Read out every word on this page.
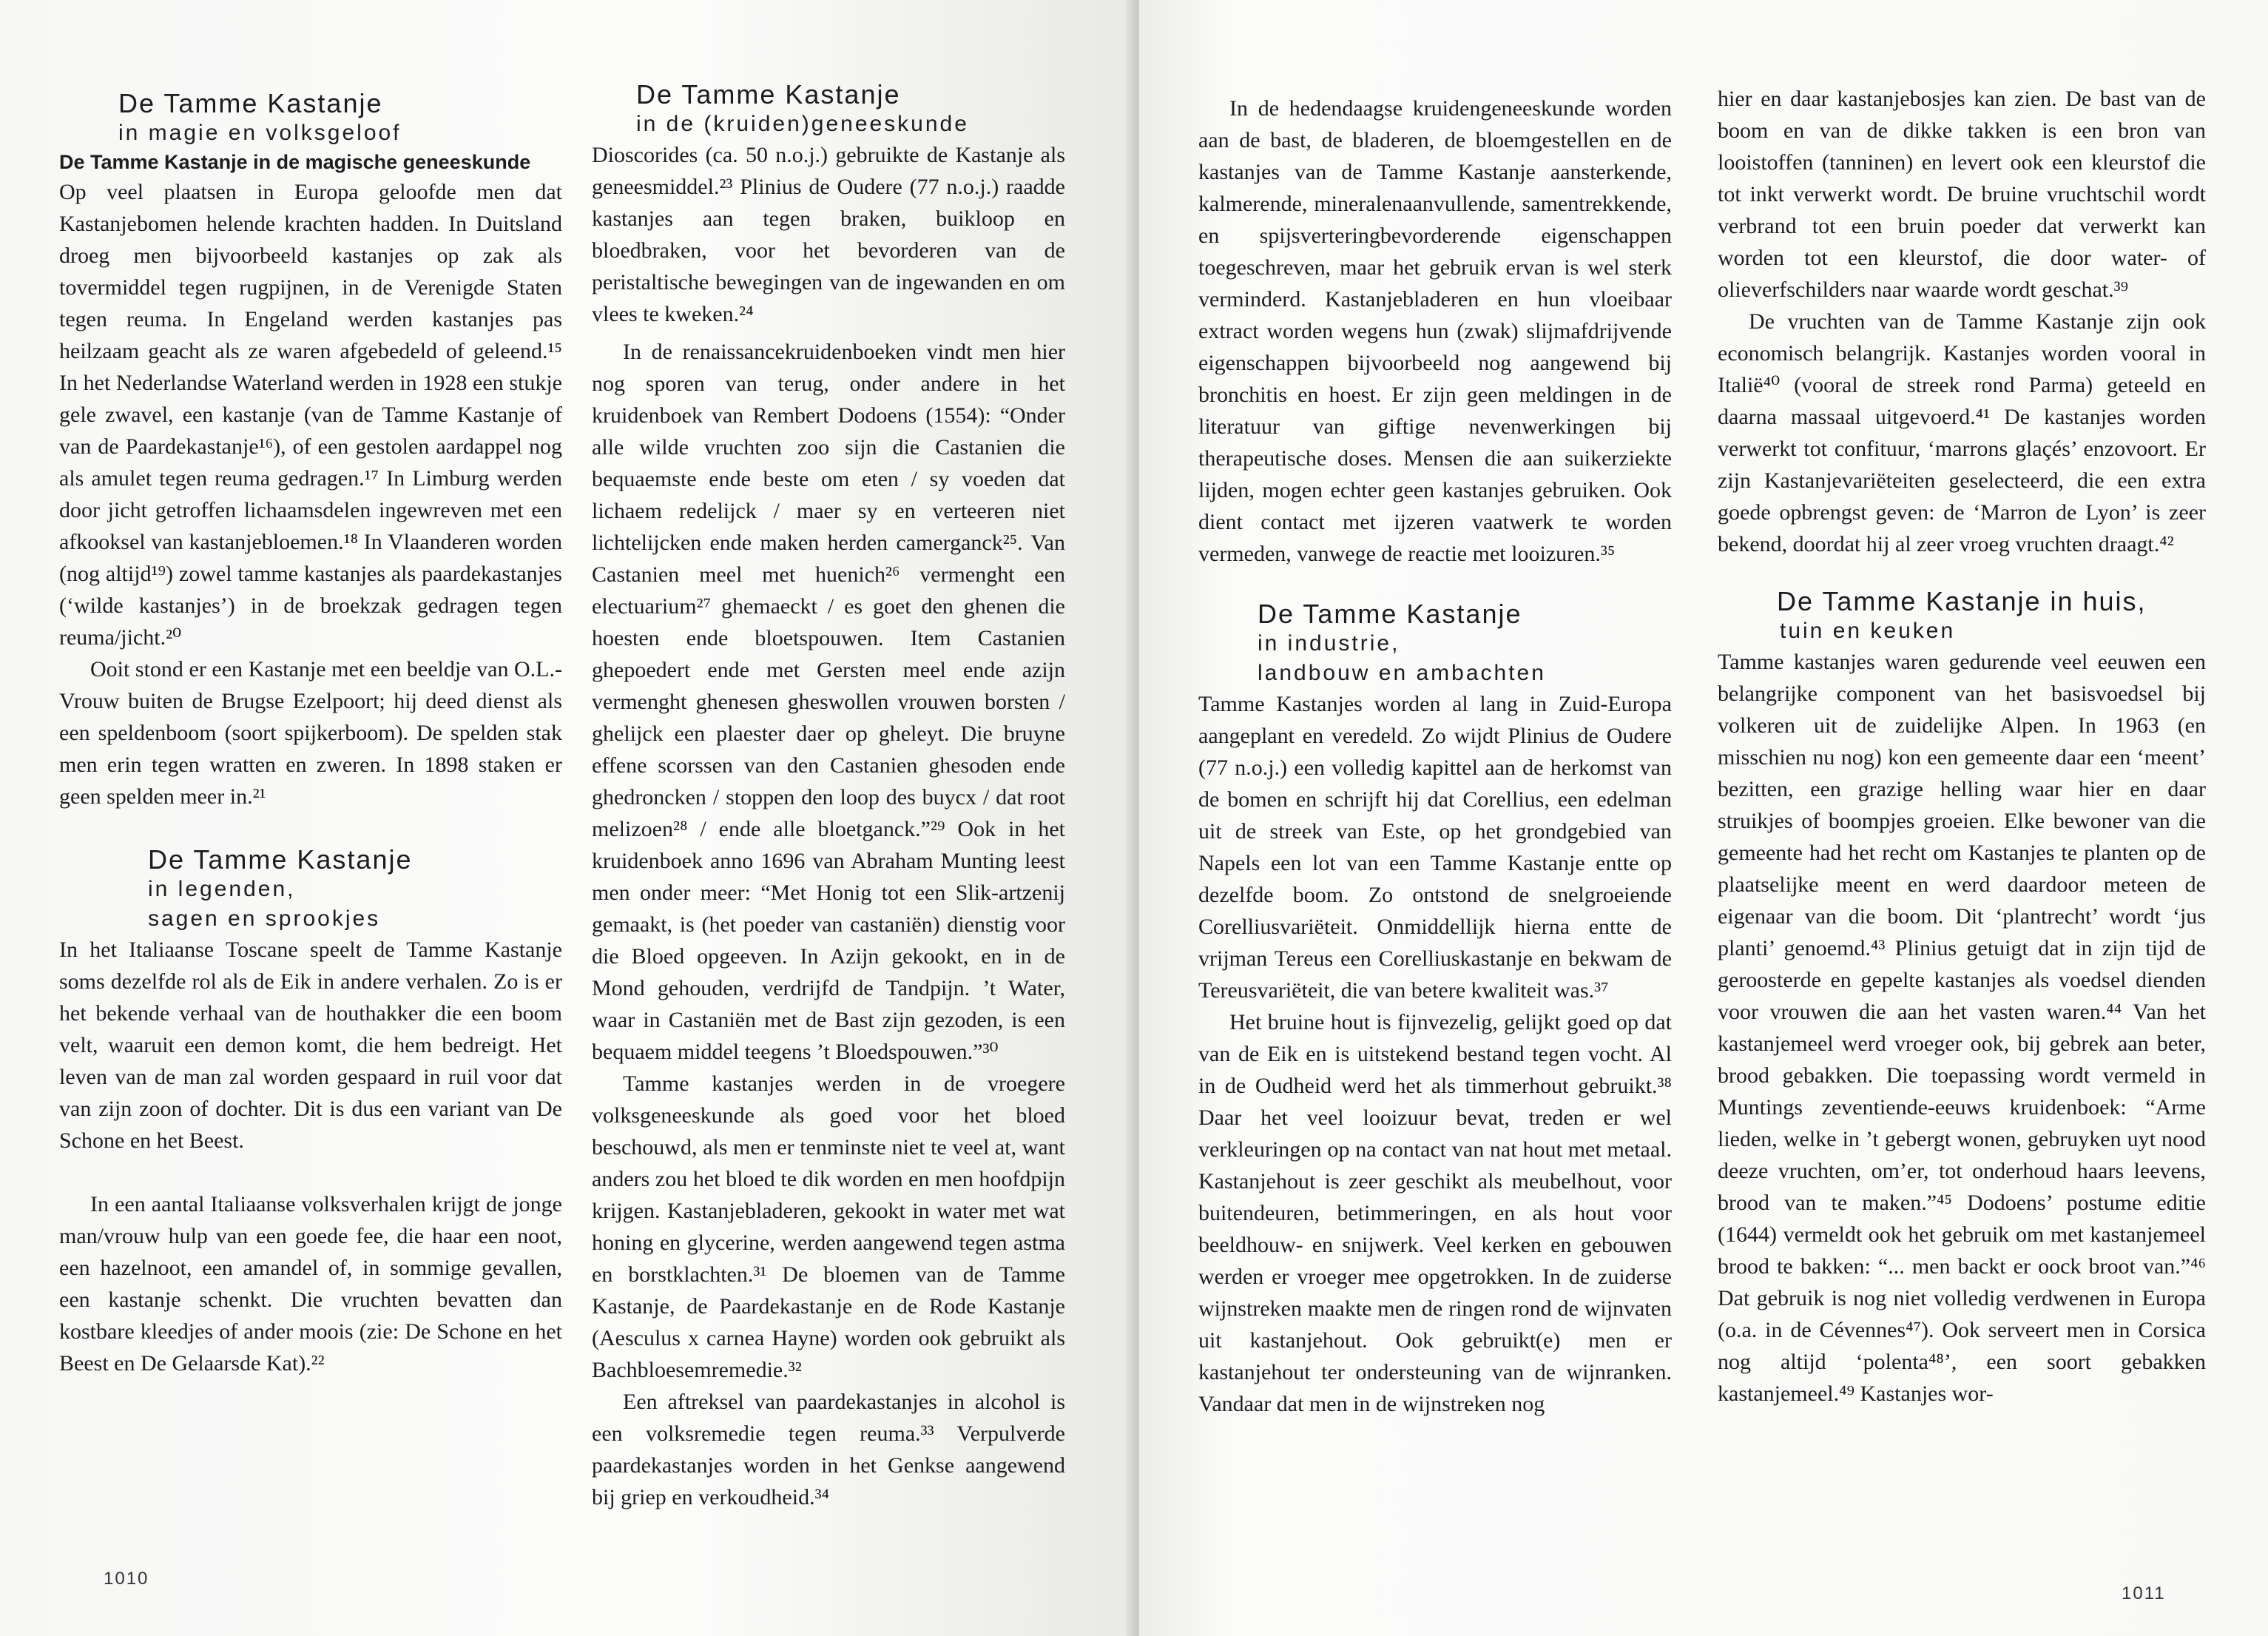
De Tamme Kastanje
in magie en volksgeloof
De Tamme Kastanje in de magische geneeskunde

Op veel plaatsen in Europa geloofde men dat Kastanjebomen helende krachten hadden. In Duitsland droeg men bijvoorbeeld kastanjes op zak als tovermiddel tegen rugpijnen, in de Verenigde Staten tegen reuma. In Engeland werden kastanjes pas heilzaam geacht als ze waren afgebedeld of geleend.¹⁵ In het Nederlandse Waterland werden in 1928 een stukje gele zwavel, een kastanje (van de Tamme Kastanje of van de Paardekastanje¹⁶), of een gestolen aardappel nog als amulet tegen reuma gedragen.¹⁷ In Limburg werden door jicht getroffen lichaamsdelen ingewreven met een afkooksel van kastanjebloemen.¹⁸ In Vlaanderen worden (nog altijd¹⁹) zowel tamme kastanjes als paardekastanjes (‘wilde kastanjes’) in de broekzak gedragen tegen reuma/jicht.²⁰

Ooit stond er een Kastanje met een beeldje van O.L.-Vrouw buiten de Brugse Ezelpoort; hij deed dienst als een speldenboom (soort spijkerboom). De spelden stak men erin tegen wratten en zweren. In 1898 staken er geen spelden meer in.²¹

De Tamme Kastanje
in legenden,
sagen en sprookjes

In het Italiaanse Toscane speelt de Tamme Kastanje soms dezelfde rol als de Eik in andere verhalen. Zo is er het bekende verhaal van de houthakker die een boom velt, waaruit een demon komt, die hem bedreigt. Het leven van de man zal worden gespaard in ruil voor dat van zijn zoon of dochter. Dit is dus een variant van De Schone en het Beest.

In een aantal Italiaanse volksverhalen krijgt de jonge man/vrouw hulp van een goede fee, die haar een noot, een hazelnoot, een amandel of, in sommige gevallen, een kastanje schenkt. Die vruchten bevatten dan kostbare kleedjes of ander moois (zie: De Schone en het Beest en De Gelaarsde Kat).²²

De Tamme Kastanje
in de (kruiden)geneeskunde

Dioscorides (ca. 50 n.o.j.) gebruikte de Kastanje als geneesmiddel.²³ Plinius de Oudere (77 n.o.j.) raadde kastanjes aan tegen braken, buikloop en bloedbraken, voor het bevorderen van de peristaltische bewegingen van de ingewanden en om vlees te kweken.²⁴

In de renaissancekruidenboeken vindt men hier nog sporen van terug, onder andere in het kruidenboek van Rembert Dodoens (1554): “Onder alle wilde vruchten zoo sijn die Castanien die bequaemste ende beste om eten / sy voeden dat lichaem redelijck / maer sy en verteeren niet lichtelijcken ende maken herden camerganck²⁵. Van Castanien meel met huenich²⁶ vermenght een electuarium²⁷ ghemaeckt / es goet den ghenen die hoesten ende bloetspouwen. Item Castanien ghepoedert ende met Gersten meel ende azijn vermenght ghenesen gheswollen vrouwen borsten / ghelijck een plaester daer op gheleyt. Die bruyne effene scorssen van den Castanien ghesoden ende ghedroncken / stoppen den loop des buycx / dat root melizoen²⁸ / ende alle bloetganck.”²⁹ Ook in het kruidenboek anno 1696 van Abraham Munting leest men onder meer: “Met Honig tot een Slik-artzenij gemaakt, is (het poeder van castaniën) dienstig voor die Bloed opgeeven. In Azijn gekookt, en in de Mond gehouden, verdrijfd de Tandpijn. ’t Water, waar in Castaniën met de Bast zijn gezoden, is een bequaem middel teegens ’t Bloedspouwen.”³⁰

Tamme kastanjes werden in de vroegere volksgeneeskunde als goed voor het bloed beschouwd, als men er tenminste niet te veel at, want anders zou het bloed te dik worden en men hoofdpijn krijgen. Kastanjebladeren, gekookt in water met wat honing en glycerine, werden aangewend tegen astma en borstklachten.³¹ De bloemen van de Tamme Kastanje, de Paardekastanje en de Rode Kastanje (Aesculus x carnea Hayne) worden ook gebruikt als Bachbloesemremedie.³²

Een aftreksel van paardekastanjes in alcohol is een volksremedie tegen reuma.³³ Verpulverde paardekastanjes worden in het Genkse aangewend bij griep en verkoudheid.³⁴

1010

In de hedendaagse kruidengeneeskunde worden aan de bast, de bladeren, de bloemgestellen en de kastanjes van de Tamme Kastanje aansterkende, kalmerende, mineralenaanvullende, samentrekkende, en spijsverteringbevorderende eigenschappen toegeschreven, maar het gebruik ervan is wel sterk verminderd. Kastanjebladeren en hun vloeibaar extract worden wegens hun (zwak) slijmafdrijvende eigenschappen bijvoorbeeld nog aangewend bij bronchitis en hoest. Er zijn geen meldingen in de literatuur van giftige nevenwerkingen bij therapeutische doses. Mensen die aan suikerziekte lijden, mogen echter geen kastanjes gebruiken. Ook dient contact met ijzeren vaatwerk te worden vermeden, vanwege de reactie met looizuren.³⁵

De Tamme Kastanje
in industrie,
landbouw en ambachten

Tamme Kastanjes worden al lang in Zuid-Europa aangeplant en veredeld. Zo wijdt Plinius de Oudere (77 n.o.j.) een volledig kapittel aan de herkomst van de bomen en schrijft hij dat Corellius, een edelman uit de streek van Este, op het grondgebied van Napels een lot van een Tamme Kastanje entte op dezelfde boom. Zo ontstond de snelgroeiende Corelliusvariëteit. Onmiddellijk hierna entte de vrijman Tereus een Corelliuskastanje en bekwam de Tereusvariëteit, die van betere kwaliteit was.³⁷

Het bruine hout is fijnvezelig, gelijkt goed op dat van de Eik en is uitstekend bestand tegen vocht. Al in de Oudheid werd het als timmerhout gebruikt.³⁸ Daar het veel looizuur bevat, treden er wel verkleuringen op na contact van nat hout met metaal. Kastanjehout is zeer geschikt als meubelhout, voor buitendeuren, betimmeringen, en als hout voor beeldhouw- en snijwerk. Veel kerken en gebouwen werden er vroeger mee opgetrokken. In de zuiderse wijnstreken maakte men de ringen rond de wijnvaten uit kastanjehout. Ook gebruikt(e) men er kastanjehout ter ondersteuning van de wijnranken. Vandaar dat men in de wijnstreken nog

hier en daar kastanjebosjes kan zien. De bast van de boom en van de dikke takken is een bron van looistoffen (tanninen) en levert ook een kleurstof die tot inkt verwerkt wordt. De bruine vruchtschil wordt verbrand tot een bruin poeder dat verwerkt kan worden tot een kleurstof, die door water- of olieverfschilders naar waarde wordt geschat.³⁹

De vruchten van de Tamme Kastanje zijn ook economisch belangrijk. Kastanjes worden vooral in Italië⁴⁰ (vooral de streek rond Parma) geteeld en daarna massaal uitgevoerd.⁴¹ De kastanjes worden verwerkt tot confituur, ‘marrons glaçés’ enzovoort. Er zijn Kastanjevariëteiten geselecteerd, die een extra goede opbrengst geven: de ‘Marron de Lyon’ is zeer bekend, doordat hij al zeer vroeg vruchten draagt.⁴²

De Tamme Kastanje in huis,
tuin en keuken

Tamme kastanjes waren gedurende veel eeuwen een belangrijke component van het basisvoedsel bij volkeren uit de zuidelijke Alpen. In 1963 (en misschien nu nog) kon een gemeente daar een ‘meent’ bezitten, een grazige helling waar hier en daar struikjes of boompjes groeien. Elke bewoner van die gemeente had het recht om Kastanjes te planten op de plaatselijke meent en werd daardoor meteen de eigenaar van die boom. Dit ‘plantrecht’ wordt ‘jus planti’ genoemd.⁴³ Plinius getuigt dat in zijn tijd de geroosterde en gepelte kastanjes als voedsel dienden voor vrouwen die aan het vasten waren.⁴⁴ Van het kastanjemeel werd vroeger ook, bij gebrek aan beter, brood gebakken. Die toepassing wordt vermeld in Muntings zeventiende-eeuws kruidenboek: “Arme lieden, welke in ’t gebergt wonen, gebruyken uyt nood deeze vruchten, om’er, tot onderhoud haars leevens, brood van te maken.”⁴⁵ Dodoens’ postume editie (1644) vermeldt ook het gebruik om met kastanjemeel brood te bakken: “... men backt er oock broot van.”⁴⁶ Dat gebruik is nog niet volledig verdwenen in Europa (o.a. in de Cévennes⁴⁷). Ook serveert men in Corsica nog altijd ‘polenta⁴⁸’, een soort gebakken kastanjemeel.⁴⁹ Kastanjes wor-

1011
